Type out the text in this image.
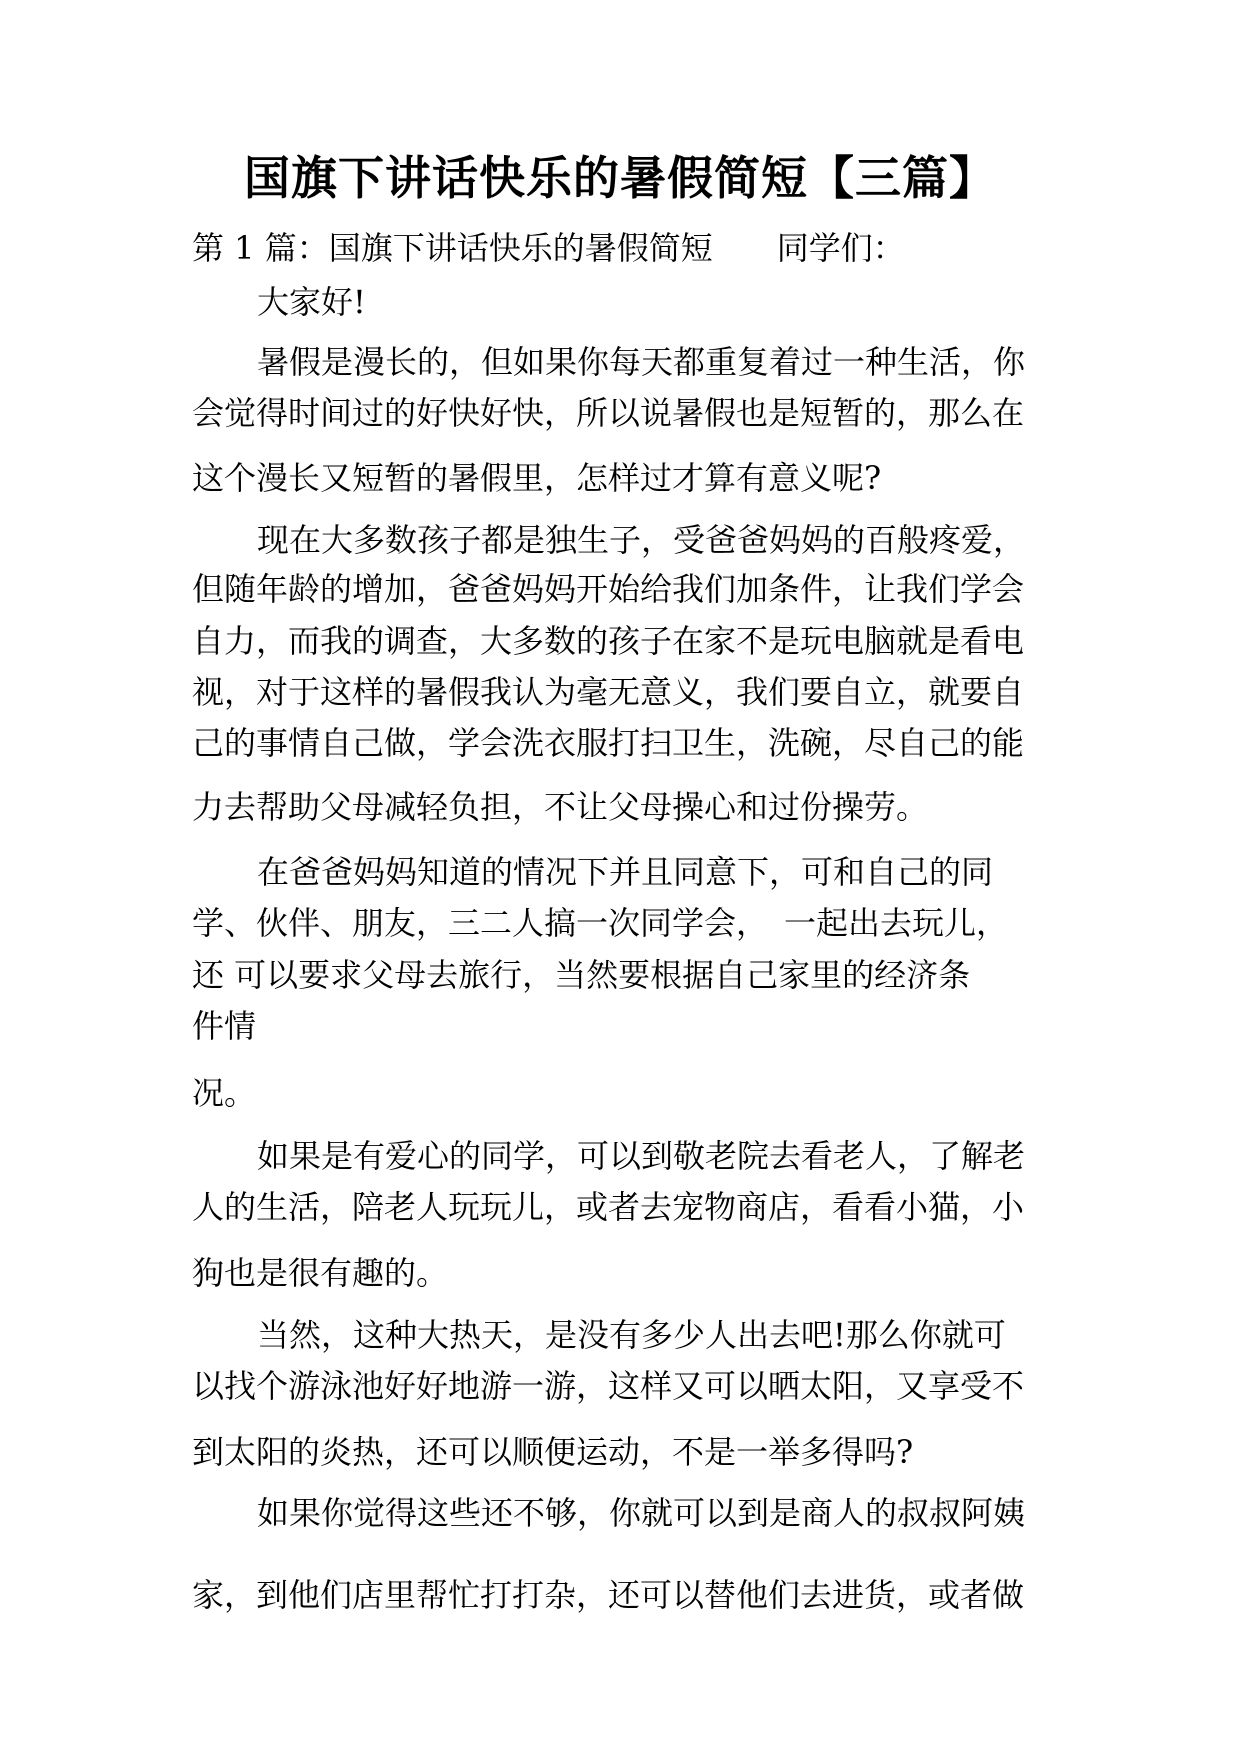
国旗下讲话快乐的暑假简短【三篇】
第 1 篇：国旗下讲话快乐的暑假简短　　同学们：
大家好!
暑假是漫长的，但如果你每天都重复着过一种生活，你
会觉得时间过的好快好快，所以说暑假也是短暂的，那么在
这个漫长又短暂的暑假里，怎样过才算有意义呢?
现在大多数孩子都是独生子，受爸爸妈妈的百般疼爱，
但随年龄的增加，爸爸妈妈开始给我们加条件，让我们学会
自力，而我的调查，大多数的孩子在家不是玩电脑就是看电
视，对于这样的暑假我认为毫无意义，我们要自立，就要自
己的事情自己做，学会洗衣服打扫卫生，洗碗，尽自己的能
力去帮助父母减轻负担，不让父母操心和过份操劳。
在爸爸妈妈知道的情况下并且同意下，可和自己的同
学、伙伴、朋友，三二人搞一次同学会，　一起出去玩儿，
还 可以要求父母去旅行，当然要根据自己家里的经济条
件情
况。
如果是有爱心的同学，可以到敬老院去看老人，了解老
人的生活，陪老人玩玩儿，或者去宠物商店，看看小猫，小
狗也是很有趣的。
当然，这种大热天，是没有多少人出去吧!那么你就可
以找个游泳池好好地游一游，这样又可以晒太阳，又享受不
到太阳的炎热，还可以顺便运动，不是一举多得吗?
如果你觉得这些还不够，你就可以到是商人的叔叔阿姨
家，到他们店里帮忙打打杂，还可以替他们去进货，或者做
